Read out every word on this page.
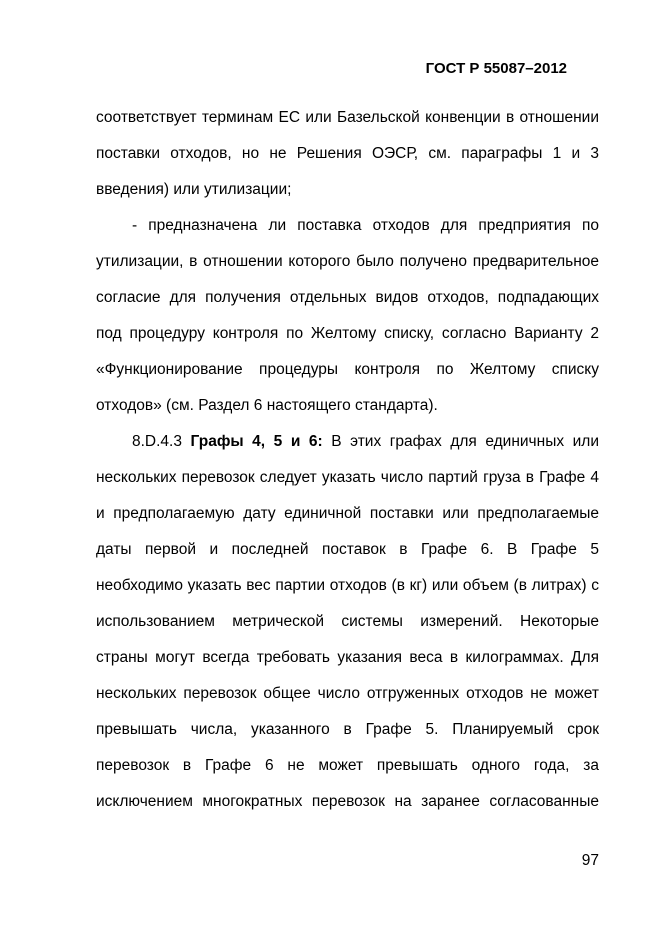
ГОСТ Р 55087–2012
соответствует терминам ЕС или Базельской конвенции в отношении
поставки отходов, но не Решения ОЭСР, см. параграфы 1 и 3
введения) или утилизации;
- предназначена ли поставка отходов для предприятия по
утилизации, в отношении которого было получено предварительное
согласие для получения отдельных видов отходов, подпадающих
под процедуру контроля по Желтому списку, согласно Варианту 2
«Функционирование процедуры контроля по Желтому списку
отходов» (см. Раздел 6 настоящего стандарта).
8.D.4.3 Графы 4, 5 и 6: В этих графах для единичных или
нескольких перевозок следует указать число партий груза в Графе 4
и предполагаемую дату единичной поставки или предполагаемые
даты первой и последней поставок в Графе 6. В Графе 5
необходимо указать вес партии отходов (в кг) или объем (в литрах) с
использованием метрической системы измерений. Некоторые
страны могут всегда требовать указания веса в килограммах. Для
нескольких перевозок общее число отгруженных отходов не может
превышать числа, указанного в Графе 5. Планируемый срок
перевозок в Графе 6 не может превышать одного года, за
исключением многократных перевозок на заранее согласованные
97
